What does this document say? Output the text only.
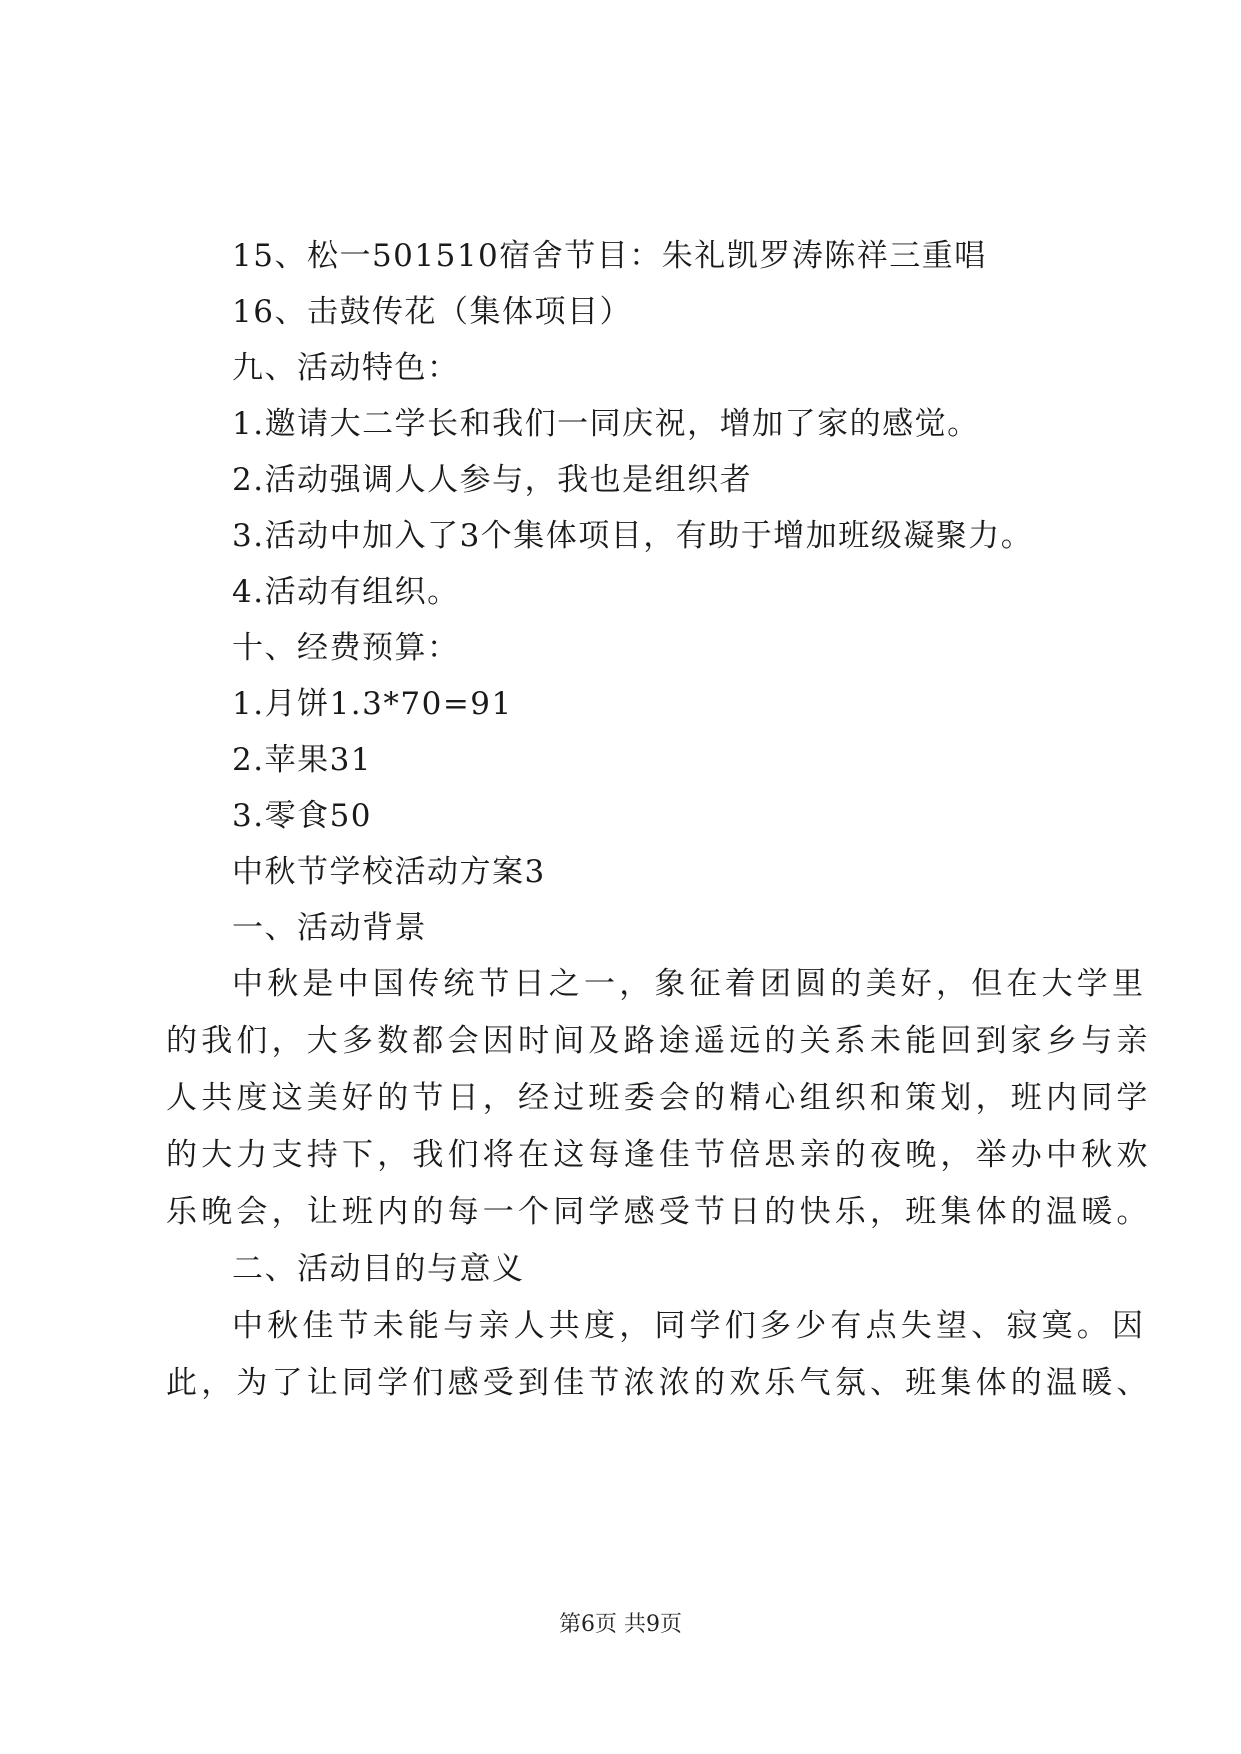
15、松一501510宿舍节目：朱礼凯罗涛陈祥三重唱
16、击鼓传花（集体项目）
九、活动特色：
1.邀请大二学长和我们一同庆祝，增加了家的感觉。
2.活动强调人人参与，我也是组织者
3.活动中加入了3个集体项目，有助于增加班级凝聚力。
4.活动有组织。
十、经费预算：
1.月饼1.3*70=91
2.苹果31
3.零食50
中秋节学校活动方案3
一、活动背景
中秋是中国传统节日之一，象征着团圆的美好，但在大学里
的我们，大多数都会因时间及路途遥远的关系未能回到家乡与亲
人共度这美好的节日，经过班委会的精心组织和策划，班内同学
的大力支持下，我们将在这每逢佳节倍思亲的夜晚，举办中秋欢
乐晚会，让班内的每一个同学感受节日的快乐，班集体的温暖。
二、活动目的与意义
中秋佳节未能与亲人共度，同学们多少有点失望、寂寞。因
此，为了让同学们感受到佳节浓浓的欢乐气氛、班集体的温暖、
第6页 共9页
